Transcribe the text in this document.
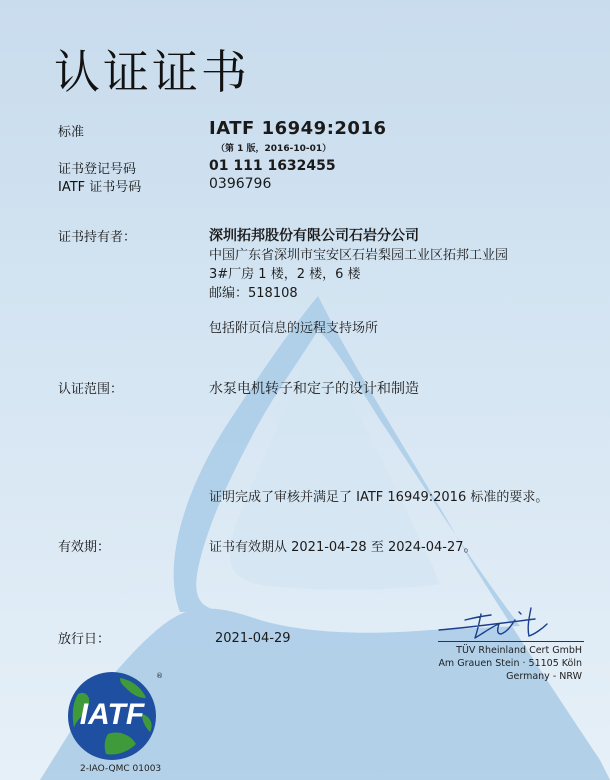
认证证书
标准	IATF 16949:2016
（第 1 版，2016-10-01）
证书登记号码	01 111 1632455
IATF 证书号码	0396796
证书持有者：	深圳拓邦股份有限公司石岩分公司
中国广东省深圳市宝安区石岩梨园工业区拓邦工业园
3#厂房 1 楼，2 楼，6 楼
邮编：518108
包括附页信息的远程支持场所
认证范围：	水泵电机转子和定子的设计和制造
证明完成了审核并满足了 IATF 16949:2016 标准的要求。
有效期：	证书有效期从 2021-04-28 至 2024-04-27。
放行日：	2021-04-29
TÜV Rheinland Cert GmbH
Am Grauen Stein · 51105 Köln
Germany - NRW
IATF
®
2-IAO-QMC 01003
